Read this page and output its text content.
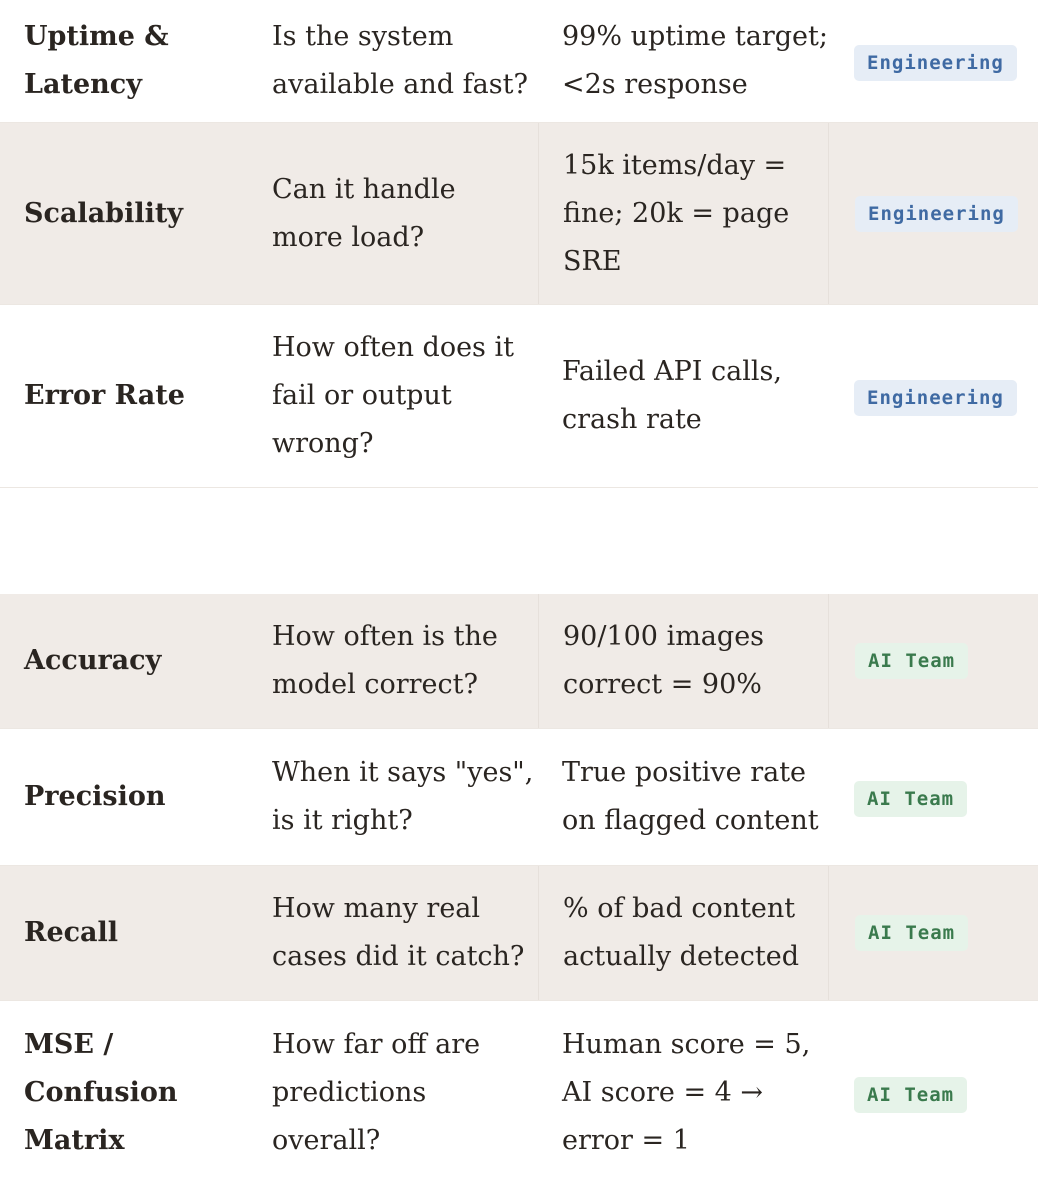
Uptime &
Latency
Is the system
available and fast?
99% uptime target;
<2s response
Engineering
Scalability
Can it handle
more load?
15k items/day =
fine; 20k = page
SRE
Engineering
Error Rate
How often does it
fail or output
wrong?
Failed API calls,
crash rate
Engineering
Accuracy
How often is the
model correct?
90/100 images
correct = 90%
AI Team
Precision
When it says "yes",
is it right?
True positive rate
on flagged content
AI Team
Recall
How many real
cases did it catch?
% of bad content
actually detected
AI Team
MSE /
Confusion
Matrix
How far off are
predictions
overall?
Human score = 5,
AI score = 4 →
error = 1
AI Team
